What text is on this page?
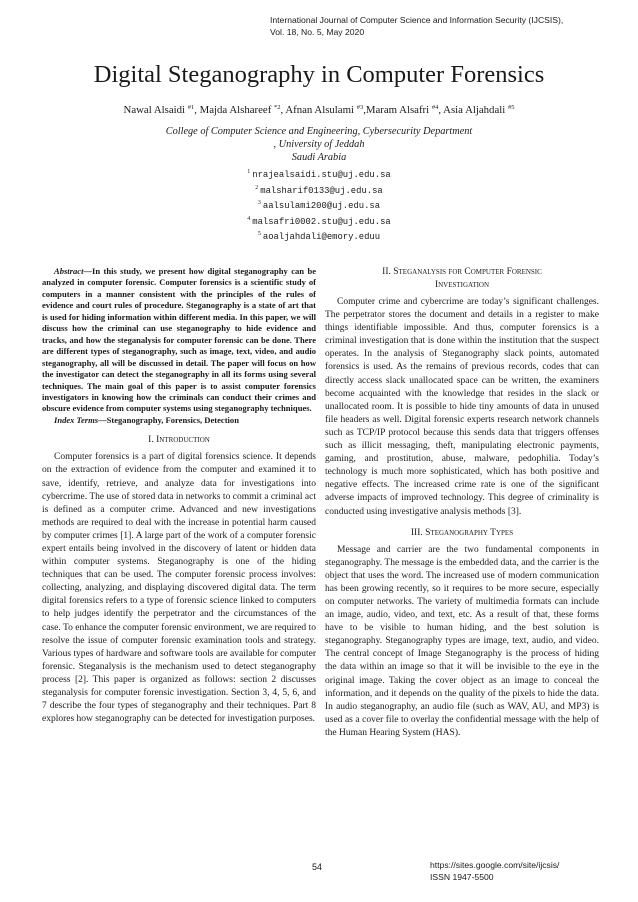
International Journal of Computer Science and Information Security (IJCSIS),
Vol. 18, No. 5, May 2020
Digital Steganography in Computer Forensics
Nawal Alsaidi $^{\#1}$, Majda Alshareef $^{*2}$, Afnan Alsulami $^{\#3}$,Maram Alsafri $^{\#4}$, Asia Aljahdali $^{\#5}$
College of Computer Science and Engineering, Cybersecurity Department
, University of Jeddah
Saudi Arabia
$^1$ nrajealsaidi.stu@uj.edu.sa
$^2$ malsharif0133@uj.edu.sa
$^3$ aalsulami200@uj.edu.sa
$^4$ malsafri0002.stu@uj.edu.sa
$^5$ aoaljahdali@emory.eduu

Abstract—In this study, we present how digital steganography can be analyzed in computer forensic. Computer forensics is a scientific study of computers in a manner consistent with the principles of the rules of evidence and court rules of procedure. Steganography is a state of art that is used for hiding information within different media. In this paper, we will discuss how the criminal can use steganography to hide evidence and tracks, and how the steganalysis for computer forensic can be done. There are different types of steganography, such as image, text, video, and audio steganography, all will be discussed in detail. The paper will focus on how the investigator can detect the steganography in all its forms using several techniques. The main goal of this paper is to assist computer forensics investigators in knowing how the criminals can conduct their crimes and obscure evidence from computer systems using steganography techniques.

Index Terms—Steganography, Forensics, Detection

I. Introduction

Computer forensics is a part of digital forensics science. It depends on the extraction of evidence from the computer and examined it to save, identify, retrieve, and analyze data for investigations into cybercrime. The use of stored data in networks to commit a criminal act is defined as a computer crime. Advanced and new investigations methods are required to deal with the increase in potential harm caused by computer crimes [1]. A large part of the work of a computer forensic expert entails being involved in the discovery of latent or hidden data within computer systems. Steganography is one of the hiding techniques that can be used. The computer forensic process involves: collecting, analyzing, and displaying discovered digital data. The term digital forensics refers to a type of forensic science linked to computers to help judges identify the perpetrator and the circumstances of the case. To enhance the computer forensic environment, we are required to resolve the issue of computer forensic examination tools and strategy. Various types of hardware and software tools are available for computer forensic. Steganalysis is the mechanism used to detect steganography process [2]. This paper is organized as follows: section 2 discusses steganalysis for computer forensic investigation. Section 3, 4, 5, 6, and 7 describe the four types of steganography and their techniques. Part 8 explores how steganography can be detected for investigation purposes.

II. Steganalysis for Computer Forensic
Investigation

Computer crime and cybercrime are today’s significant challenges. The perpetrator stores the document and details in a register to make things identifiable impossible. And thus, computer forensics is a criminal investigation that is done within the institution that the suspect operates. In the analysis of Steganography slack points, automated forensics is used. As the remains of previous records, codes that can directly access slack unallocated space can be written, the examiners become acquainted with the knowledge that resides in the slack or unallocated room. It is possible to hide tiny amounts of data in unused file headers as well. Digital forensic experts research network channels such as TCP/IP protocol because this sends data that triggers offenses such as illicit messaging, theft, manipulating electronic payments, gaming, and prostitution, abuse, malware, pedophilia. Today’s technology is much more sophisticated, which has both positive and negative effects. The increased crime rate is one of the significant adverse impacts of improved technology. This degree of criminality is conducted using investigative analysis methods [3].

III. Steganography Types

Message and carrier are the two fundamental components in steganography. The message is the embedded data, and the carrier is the object that uses the word. The increased use of modern communication has been growing recently, so it requires to be more secure, especially on computer networks. The variety of multimedia formats can include an image, audio, video, and text, etc. As a result of that, these forms have to be visible to human hiding, and the best solution is steganography. Steganography types are image, text, audio, and video. The central concept of Image Steganography is the process of hiding the data within an image so that it will be invisible to the eye in the original image. Taking the cover object as an image to conceal the information, and it depends on the quality of the pixels to hide the data. In audio steganography, an audio file (such as WAV, AU, and MP3) is used as a cover file to overlay the confidential message with the help of the Human Hearing System (HAS).

54	https://sites.google.com/site/ijcsis/
ISSN 1947-5500
